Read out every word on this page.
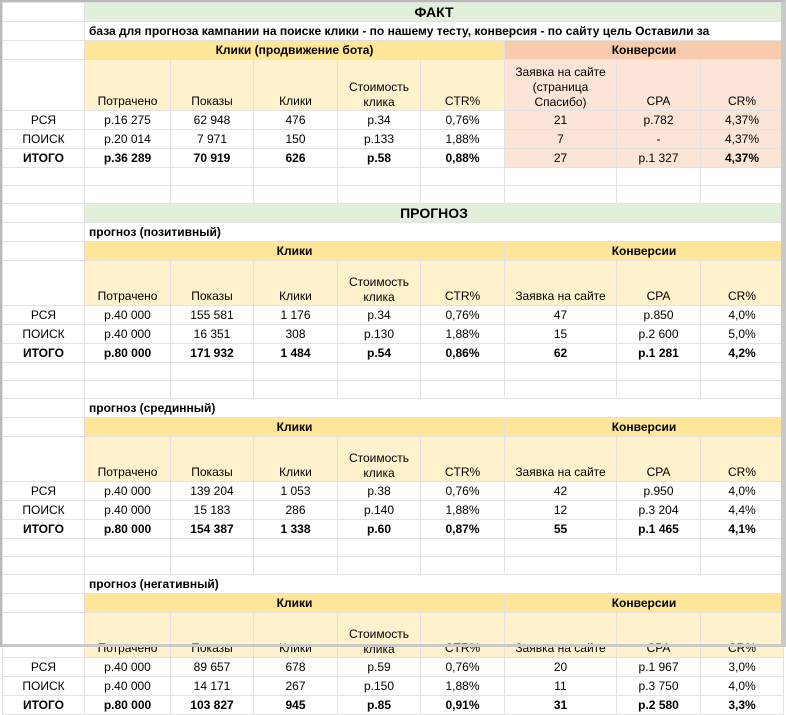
	ФАКТ							
	база для прогноза кампании на поиске клики - по нашему тесту, конверсия - по сайту цель Оставили за							
	Клики (продвижение бота)					Конверсии		
	Потрачено	Показы	Клики	Стоимость клика	CTR%	Заявка на сайте (страница Спасибо)	CPA	CR%
РСЯ	р.16 275	62 948	476	р.34	0,76%	21	р.782	4,37%
ПОИСК	р.20 014	7 971	150	р.133	1,88%	7	-	4,37%
ИТОГО	р.36 289	70 919	626	р.58	0,88%	27	р.1 327	4,37%

	ПРОГНОЗ							
	прогноз (позитивный)							
	Клики					Конверсии		
	Потрачено	Показы	Клики	Стоимость клика	CTR%	Заявка на сайте	CPA	CR%
РСЯ	р.40 000	155 581	1 176	р.34	0,76%	47	р.850	4,0%
ПОИСК	р.40 000	16 351	308	р.130	1,88%	15	р.2 600	5,0%
ИТОГО	р.80 000	171 932	1 484	р.54	0,86%	62	р.1 281	4,2%

	прогноз (срединный)							
	Клики					Конверсии		
	Потрачено	Показы	Клики	Стоимость клика	CTR%	Заявка на сайте	CPA	CR%
РСЯ	р.40 000	139 204	1 053	р.38	0,76%	42	р.950	4,0%
ПОИСК	р.40 000	15 183	286	р.140	1,88%	12	р.3 204	4,4%
ИТОГО	р.80 000	154 387	1 338	р.60	0,87%	55	р.1 465	4,1%

	прогноз (негативный)							
	Клики					Конверсии		
	Потрачено	Показы	Клики	Стоимость клика	CTR%	Заявка на сайте	CPA	CR%
РСЯ	р.40 000	89 657	678	р.59	0,76%	20	р.1 967	3,0%
ПОИСК	р.40 000	14 171	267	р.150	1,88%	11	р.3 750	4,0%
ИТОГО	р.80 000	103 827	945	р.85	0,91%	31	р.2 580	3,3%
